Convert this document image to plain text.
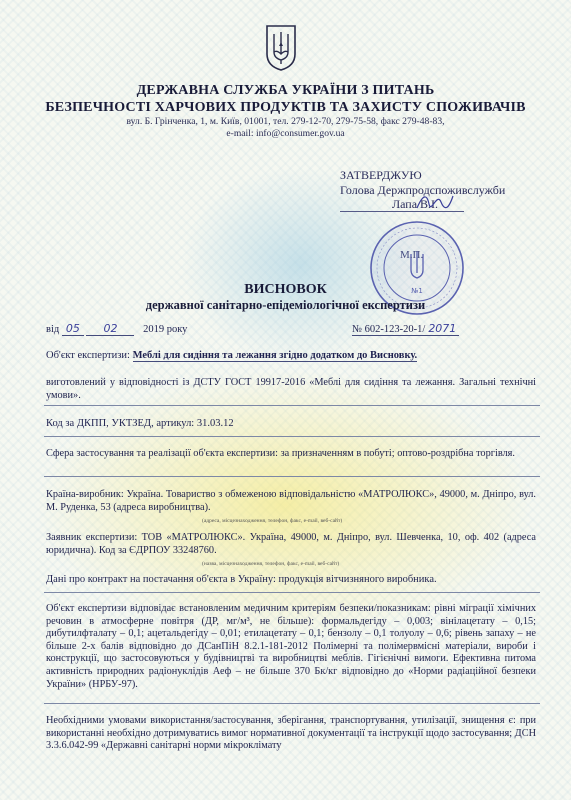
ДЕРЖАВНА СЛУЖБА УКРАЇНИ З ПИТАНЬ
БЕЗПЕЧНОСТІ ХАРЧОВИХ ПРОДУКТІВ ТА ЗАХИСТУ СПОЖИВАЧІВ
вул. Б. Грінченка, 1, м. Київ, 01001, тел. 279-12-70, 279-75-58, факс 279-48-83,
e-mail: info@consumer.gov.ua
ЗАТВЕРДЖУЮ
Голова Держпродспоживслужби
Лапа В.І.
№1
М.П.
ВИСНОВОК
державної санітарно-епідеміологічної експертизи
від 05 02 2019 року	№ 602-123-20-1/ 2071
Об'єкт експертизи: Меблі для сидіння та лежання згідно додатком до Висновку.
виготовлений у відповідності із ДСТУ ГОСТ 19917-2016 «Меблі для сидіння та лежання. Загальні технічні умови».
Код за ДКПП, УКТЗЕД, артикул: 31.03.12
Сфера застосування та реалізації об'єкта експертизи: за призначенням в побуті; оптово-роздрібна торгівля.
Країна-виробник: Україна. Товариство з обмеженою відповідальністю «МАТРОЛЮКС», 49000, м. Дніпро, вул. М. Руденка, 53 (адреса виробництва).
(адреса, місцезнаходження, телефон, факс, e-mail, веб-сайт)
Заявник експертизи: ТОВ «МАТРОЛЮКС». Україна, 49000, м. Дніпро, вул. Шевченка, 10, оф. 402 (адреса юридична). Код за ЄДРПОУ 33248760.
(назва, місцезнаходження, телефон, факс, e-mail, веб-сайт)
Дані про контракт на постачання об'єкта в Україну: продукція вітчизняного виробника.
Об'єкт експертизи відповідає встановленим медичним критеріям безпеки/показникам: рівні міграції хімічних речовин в атмосферне повітря (ДР, мг/м³, не більше): формальдегіду – 0,003; вінілацетату – 0,15; дибутилфталату – 0,1; ацетальдегіду – 0,01; етилацетату – 0,1; бензолу – 0,1 толуолу – 0,6; рівень запаху – не більше 2-х балів відповідно до ДСанПіН 8.2.1-181-2012 Полімерні та полімервмісні матеріали, вироби і конструкції, що застосовуються у будівництві та виробництві меблів. Гігієнічні вимоги. Ефективна питома активність природних радіонуклідів Аеф – не більше 370 Бк/кг відповідно до «Норми радіаційної безпеки України» (НРБУ-97).
Необхідними умовами використання/застосування, зберігання, транспортування, утилізації, знищення є: при використанні необхідно дотримуватись вимог нормативної документації та інструкції щодо застосування; ДСН 3.3.6.042-99 «Державні санітарні норми мікроклімату
